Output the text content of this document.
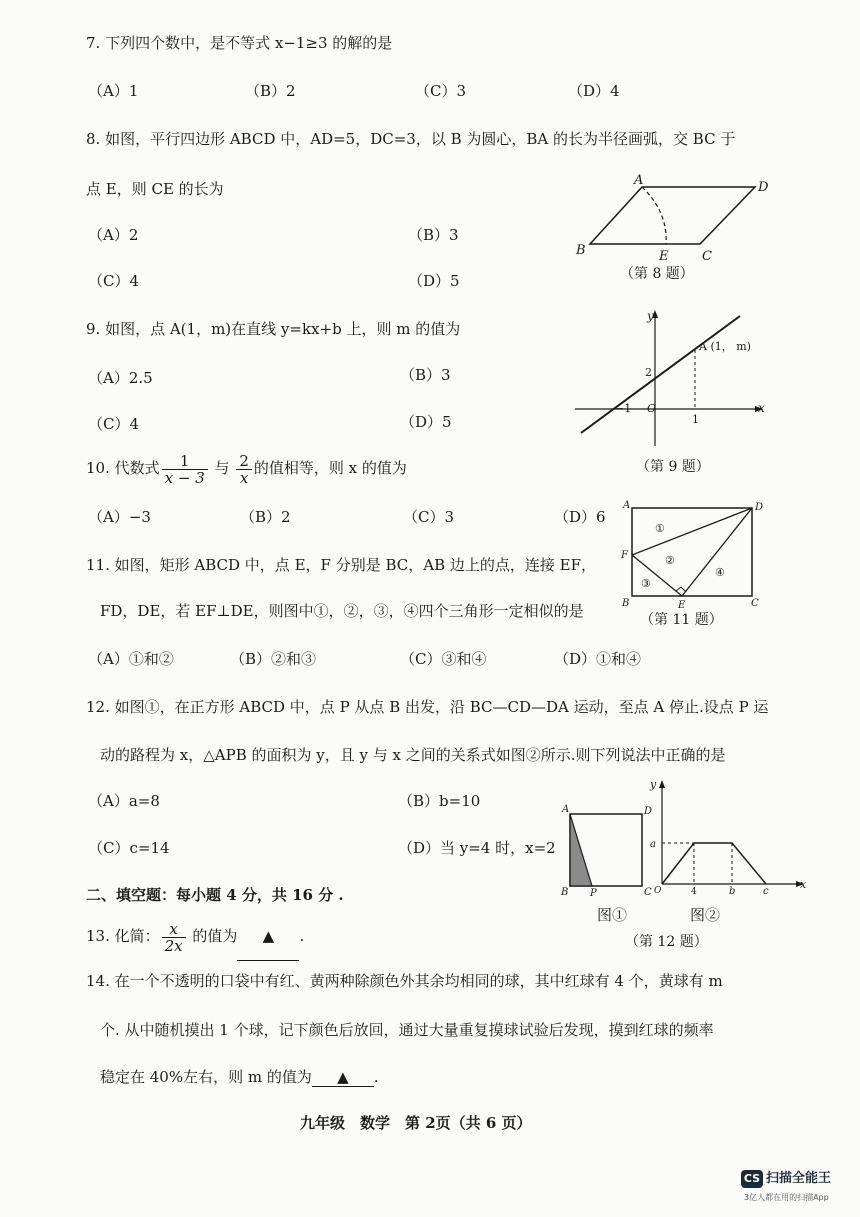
7. 下列四个数中，是不等式 x−1≥3 的解的是
（A）1	（B）2	（C）3	（D）4
8. 如图，平行四边形 ABCD 中，AD=5，DC=3，以 B 为圆心，BA 的长为半径画弧，交 BC 于
点 E，则 CE 的长为
（A）2	（B）3
（C）4	（D）5
A	D
B	E	C
（第 8 题）
9. 如图，点 A(1，m)在直线 y=kx+b 上，则 m 的值为
（A）2.5	（B）3
（C）4	（D）5
y
x
A (1， m)
2
−1 O
1
（第 9 题）
10. 代数式 $\frac{1}{x - 3}$ 与 $\frac{2}{x}$ 的值相等，则 x 的值为
（A）−3	（B）2	（C）3	（D）6
11. 如图，矩形 ABCD 中，点 E，F 分别是 BC，AB 边上的点，连接 EF，
FD，DE，若 EF⊥DE，则图中①，②，③，④四个三角形一定相似的是
（A）①和②	（B）②和③	（C）③和④	（D）①和④
A	D
F
B	E	C
①
②
③
④
（第 11 题）
12. 如图①，在正方形 ABCD 中，点 P 从点 B 出发，沿 BC—CD—DA 运动，至点 A 停止.设点 P 运
动的路程为 x，△APB 的面积为 y，且 y 与 x 之间的关系式如图②所示.则下列说法中正确的是
（A）a=8	（B）b=10
（C）c=14	（D）当 y=4 时，x=2
A	D
B P	C
y
a
O	4	b	c
x
图①	图②
（第 12 题）
二、填空题：每小题 4 分，共 16 分 .
13. 化简： $\frac{x}{2x}$ 的值为 ▲ .
14. 在一个不透明的口袋中有红、黄两种除颜色外其余均相同的球，其中红球有 4 个，黄球有 m
个. 从中随机摸出 1 个球，记下颜色后放回，通过大量重复摸球试验后发现，摸到红球的频率
稳定在 40%左右，则 m 的值为 ▲ .
九年级　数学　第 2页（共 6 页）
CS 扫描全能王
3亿人都在用的扫描App
